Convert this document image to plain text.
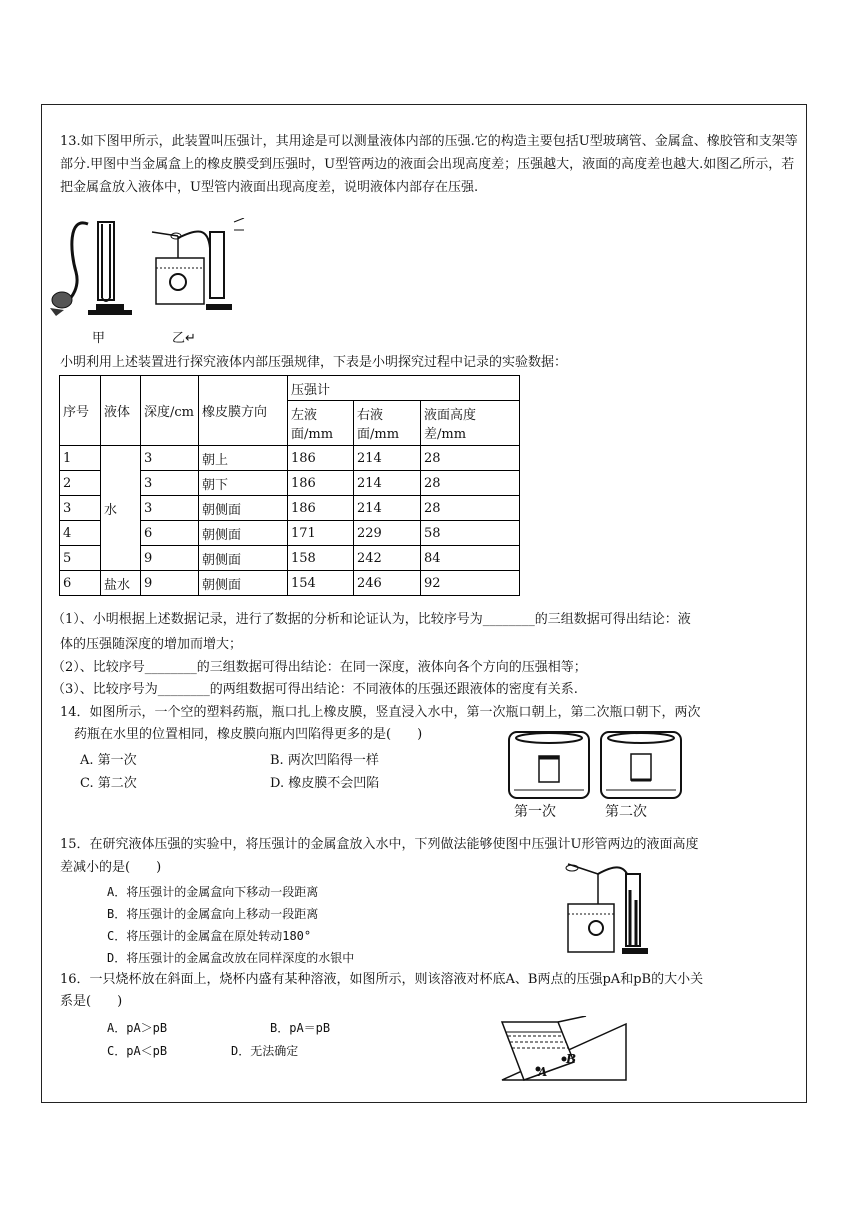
13.如下图甲所示，此装置叫压强计，其用途是可以测量液体内部的压强.它的构造主要包括U型玻璃管、金属盒、橡胶管和支架等部分.甲图中当金属盒上的橡皮膜受到压强时，U型管两边的液面会出现高度差；压强越大，液面的高度差也越大.如图乙所示，若把金属盒放入液体中，U型管内液面出现高度差，说明液体内部存在压强.
甲	乙↵
小明利用上述装置进行探究液体内部压强规律，下表是小明探究过程中记录的实验数据：
序号	液体	深度/cm	橡皮膜方向	压强计		
				左液面/mm	右液面/mm	液面高度差/mm
1	水	3	朝上	186	214	28
2		3	朝下	186	214	28
3		3	朝侧面	186	214	28
4		6	朝侧面	171	229	58
5		9	朝侧面	158	242	84
6	盐水	9	朝侧面	154	246	92
（1）、小明根据上述数据记录，进行了数据的分析和论证认为，比较序号为________的三组数据可得出结论：液
体的压强随深度的增加而增大；
（2）、比较序号________的三组数据可得出结论：在同一深度，液体向各个方向的压强相等；
（3）、比较序号为________的两组数据可得出结论：不同液体的压强还跟液体的密度有关系.
14．如图所示，一个空的塑料药瓶，瓶口扎上橡皮膜，竖直浸入水中，第一次瓶口朝上，第二次瓶口朝下，两次
药瓶在水里的位置相同，橡皮膜向瓶内凹陷得更多的是(　　)
A. 第一次	B. 两次凹陷得一样
C. 第二次	D. 橡皮膜不会凹陷
第一次	第二次
15．在研究液体压强的实验中，将压强计的金属盒放入水中，下列做法能够使图中压强计U形管两边的液面高度
差减小的是(　　)
A．将压强计的金属盒向下移动一段距离
B．将压强计的金属盒向上移动一段距离
C．将压强计的金属盒在原处转动180°
D．将压强计的金属盒改放在同样深度的水银中
16．一只烧杯放在斜面上，烧杯内盛有某种溶液，如图所示，则该溶液对杯底A、B两点的压强pA和pB的大小关
系是(　　)
A．pA＞pB	B．pA＝pB
C．pA＜pB	D．无法确定
A
B
